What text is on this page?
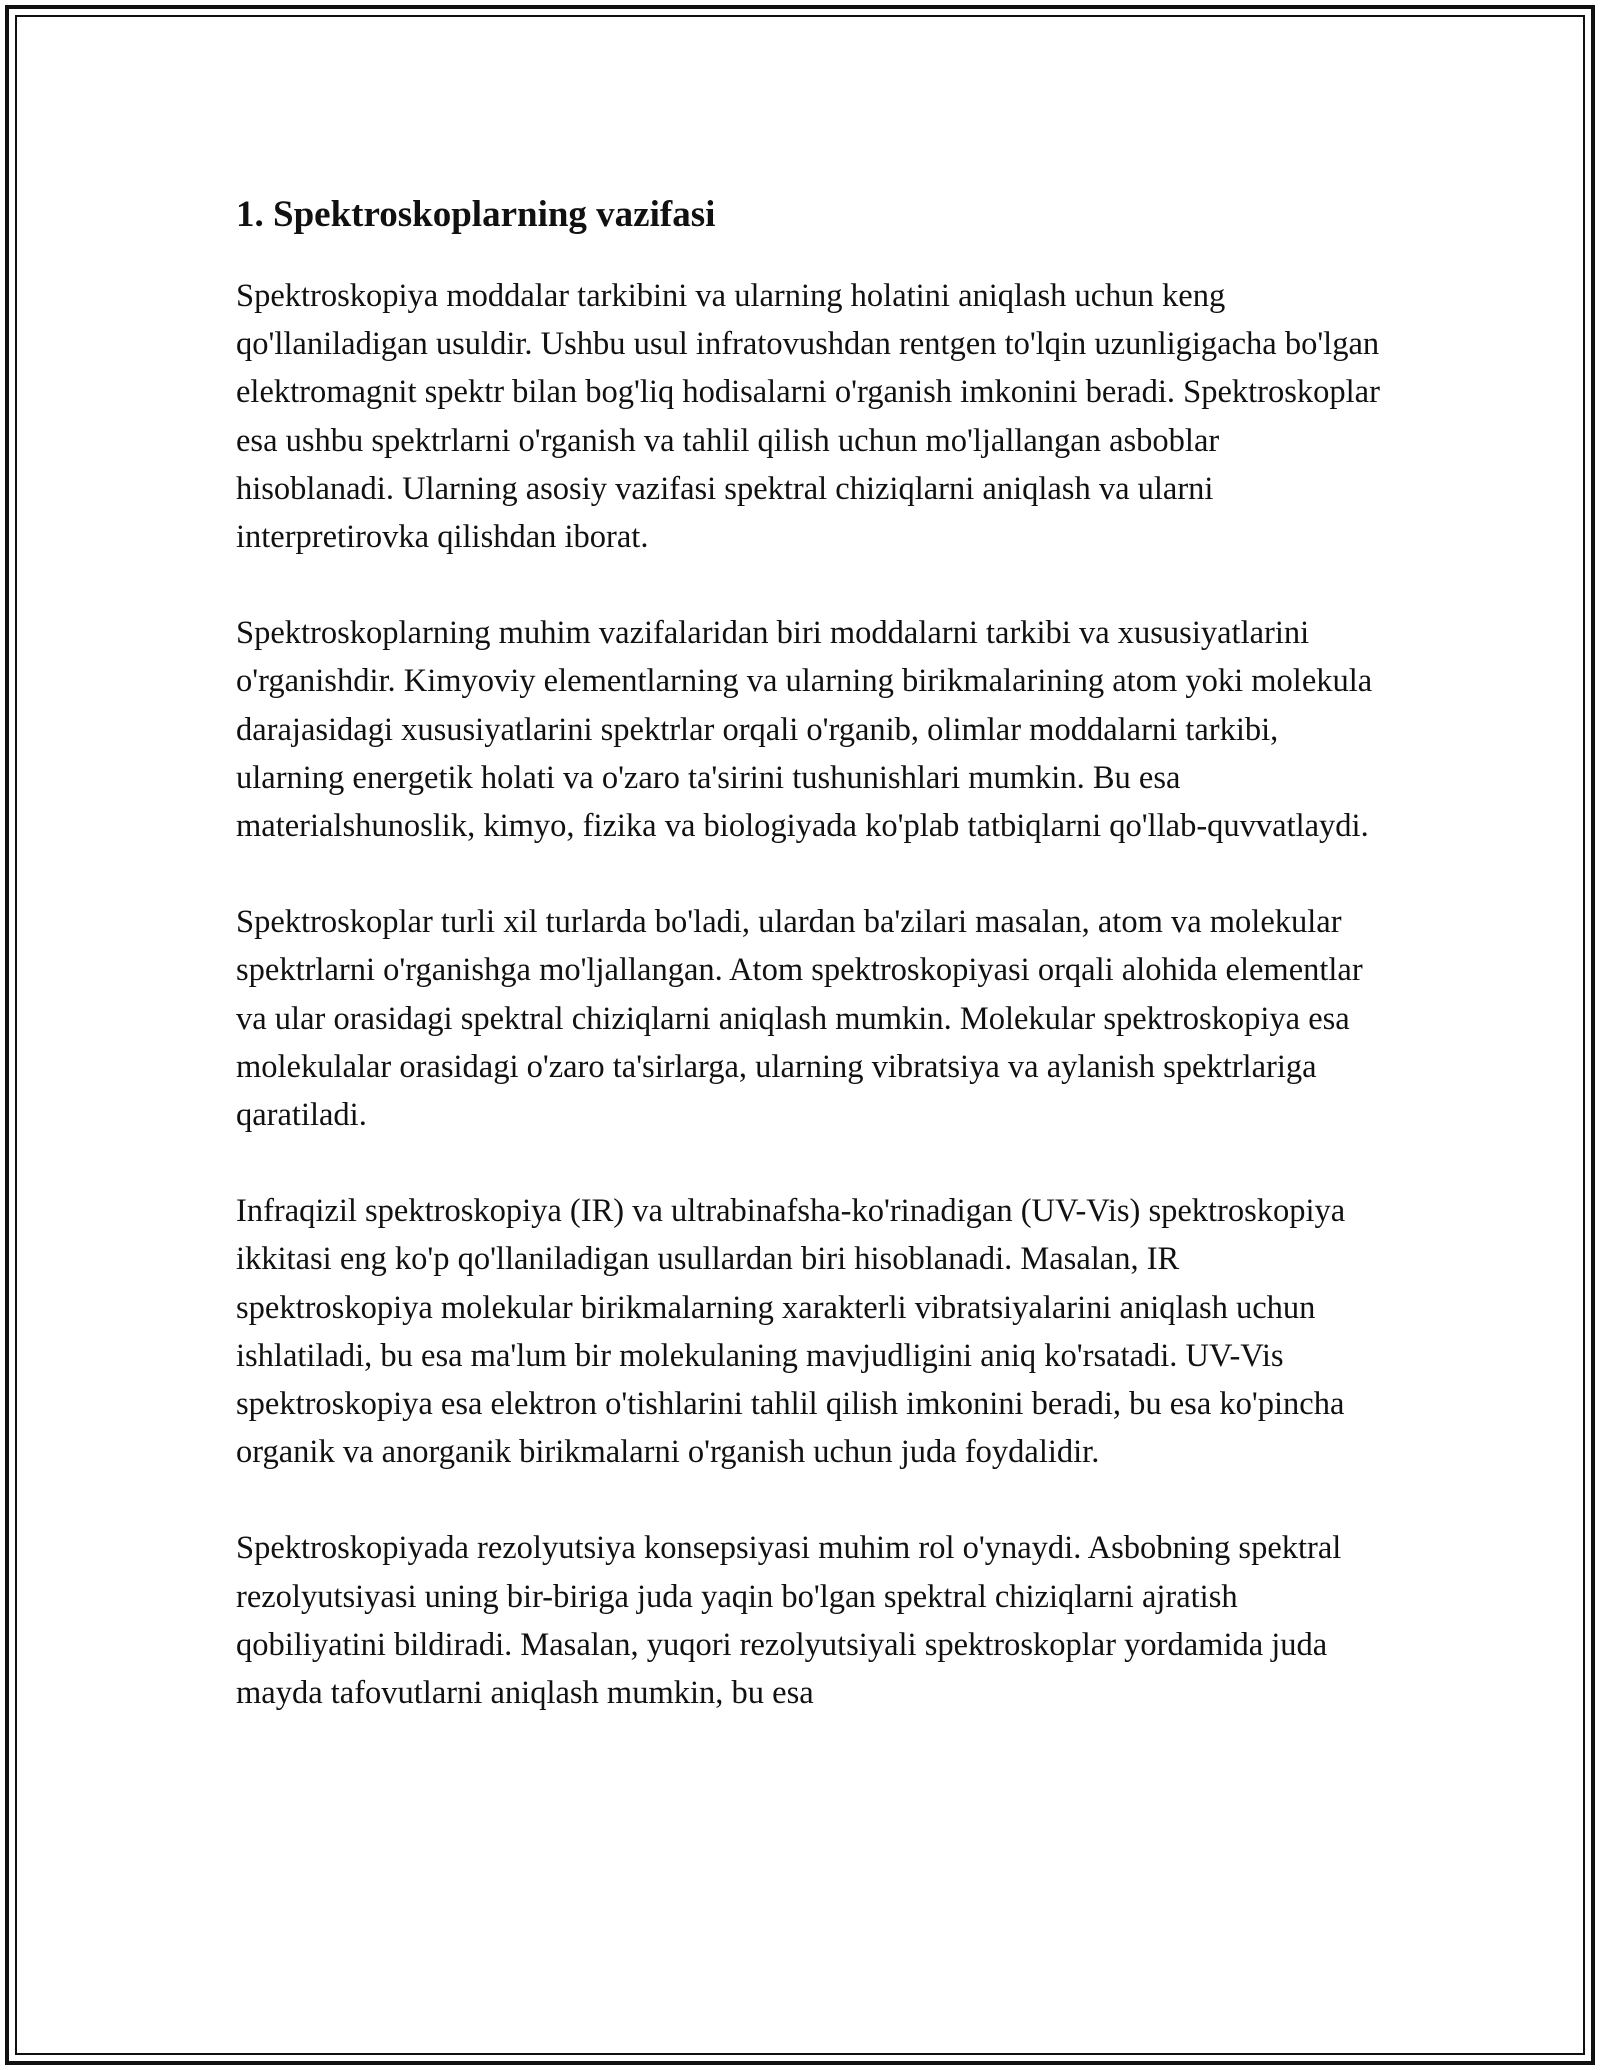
1. Spektroskoplarning vazifasi

Spektroskopiya moddalar tarkibini va ularning holatini aniqlash uchun keng qo'llaniladigan usuldir. Ushbu usul infratovushdan rentgen to'lqin uzunligigacha bo'lgan elektromagnit spektr bilan bog'liq hodisalarni o'rganish imkonini beradi. Spektroskoplar esa ushbu spektrlarni o'rganish va tahlil qilish uchun mo'ljallangan asboblar hisoblanadi. Ularning asosiy vazifasi spektral chiziqlarni aniqlash va ularni interpretirovka qilishdan iborat.

Spektroskoplarning muhim vazifalaridan biri moddalarni tarkibi va xususiyatlarini o'rganishdir. Kimyoviy elementlarning va ularning birikmalarining atom yoki molekula darajasidagi xususiyatlarini spektrlar orqali o'rganib, olimlar moddalarni tarkibi, ularning energetik holati va o'zaro ta'sirini tushunishlari mumkin. Bu esa materialshunoslik, kimyo, fizika va biologiyada ko'plab tatbiqlarni qo'llab-quvvatlaydi.

Spektroskoplar turli xil turlarda bo'ladi, ulardan ba'zilari masalan, atom va molekular spektrlarni o'rganishga mo'ljallangan. Atom spektroskopiyasi orqali alohida elementlar va ular orasidagi spektral chiziqlarni aniqlash mumkin. Molekular spektroskopiya esa molekulalar orasidagi o'zaro ta'sirlarga, ularning vibratsiya va aylanish spektrlariga qaratiladi.

Infraqizil spektroskopiya (IR) va ultrabinafsha-ko'rinadigan (UV-Vis) spektroskopiya ikkitasi eng ko'p qo'llaniladigan usullardan biri hisoblanadi. Masalan, IR spektroskopiya molekular birikmalarning xarakterli vibratsiyalarini aniqlash uchun ishlatiladi, bu esa ma'lum bir molekulaning mavjudligini aniq ko'rsatadi. UV-Vis spektroskopiya esa elektron o'tishlarini tahlil qilish imkonini beradi, bu esa ko'pincha organik va anorganik birikmalarni o'rganish uchun juda foydalidir.

Spektroskopiyada rezolyutsiya konsepsiyasi muhim rol o'ynaydi. Asbobning spektral rezolyutsiyasi uning bir-biriga juda yaqin bo'lgan spektral chiziqlarni ajratish qobiliyatini bildiradi. Masalan, yuqori rezolyutsiyali spektroskoplar yordamida juda mayda tafovutlarni aniqlash mumkin, bu esa
